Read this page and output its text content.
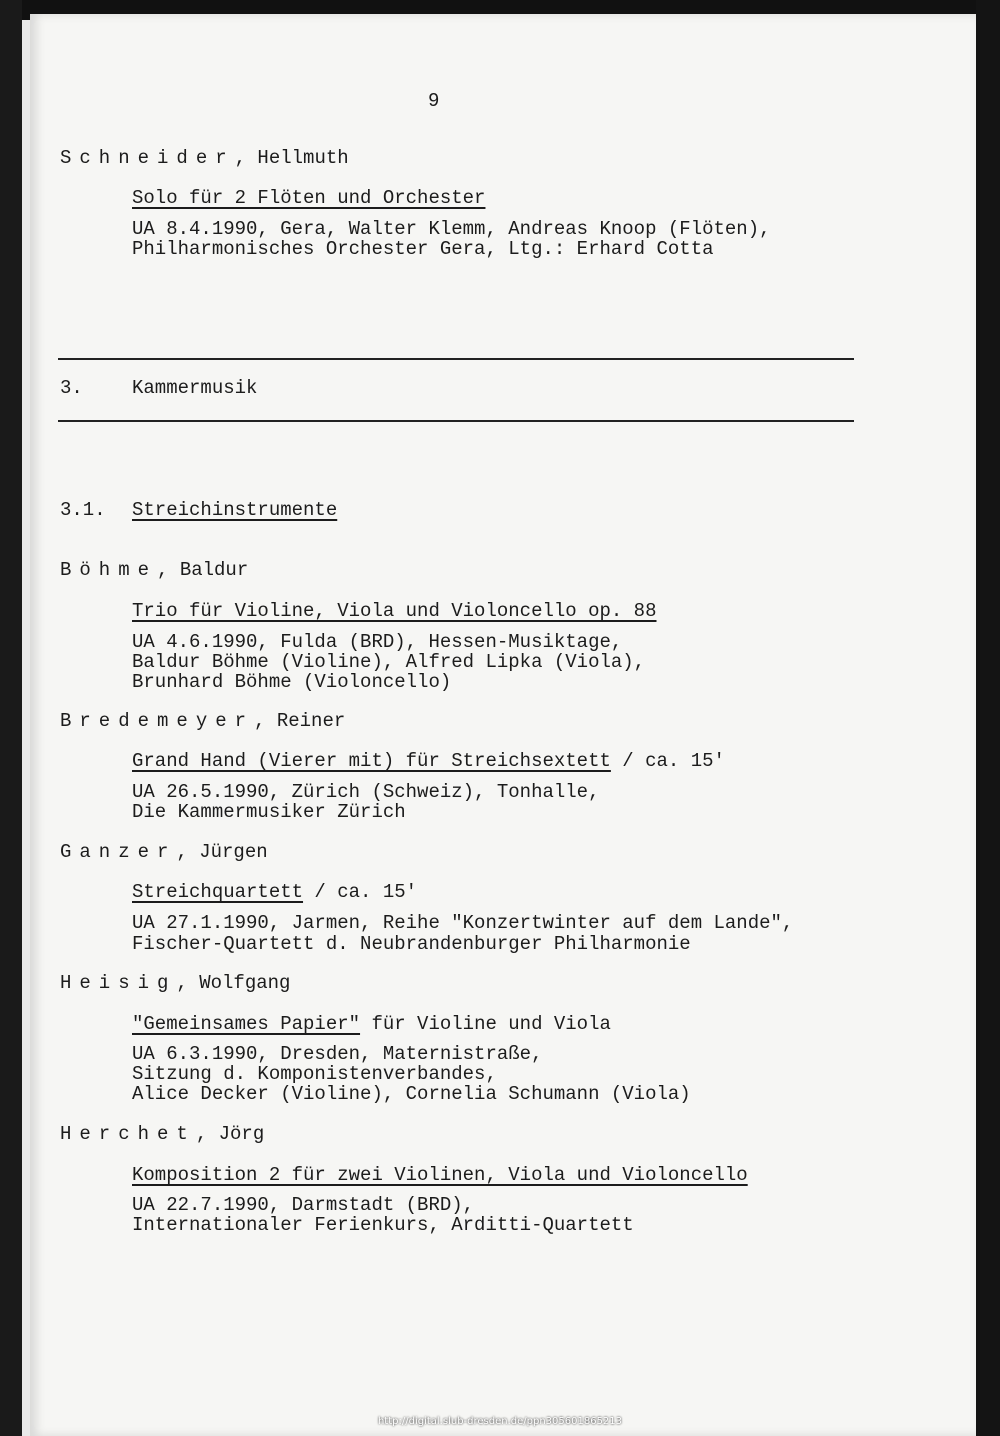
9
Schneider, Hellmuth
Solo für 2 Flöten und Orchester
UA 8.4.1990, Gera, Walter Klemm, Andreas Knoop (Flöten),
Philharmonisches Orchester Gera, Ltg.: Erhard Cotta
3.	Kammermusik
3.1. Streichinstrumente
Böhme, Baldur
Trio für Violine, Viola und Violoncello op. 88
UA 4.6.1990, Fulda (BRD), Hessen-Musiktage,
Baldur Böhme (Violine), Alfred Lipka (Viola),
Brunhard Böhme (Violoncello)
Bredemeyer, Reiner
Grand Hand (Vierer mit) für Streichsextett / ca. 15'
UA 26.5.1990, Zürich (Schweiz), Tonhalle,
Die Kammermusiker Zürich
Ganzer, Jürgen
Streichquartett / ca. 15'
UA 27.1.1990, Jarmen, Reihe "Konzertwinter auf dem Lande",
Fischer-Quartett d. Neubrandenburger Philharmonie
Heisig, Wolfgang
"Gemeinsames Papier" für Violine und Viola
UA 6.3.1990, Dresden, Maternistraße,
Sitzung d. Komponistenverbandes,
Alice Decker (Violine), Cornelia Schumann (Viola)
Herchet, Jörg
Komposition 2 für zwei Violinen, Viola und Violoncello
UA 22.7.1990, Darmstadt (BRD),
Internationaler Ferienkurs, Arditti-Quartett
http://digital.slub-dresden.de/ppn305601865213
